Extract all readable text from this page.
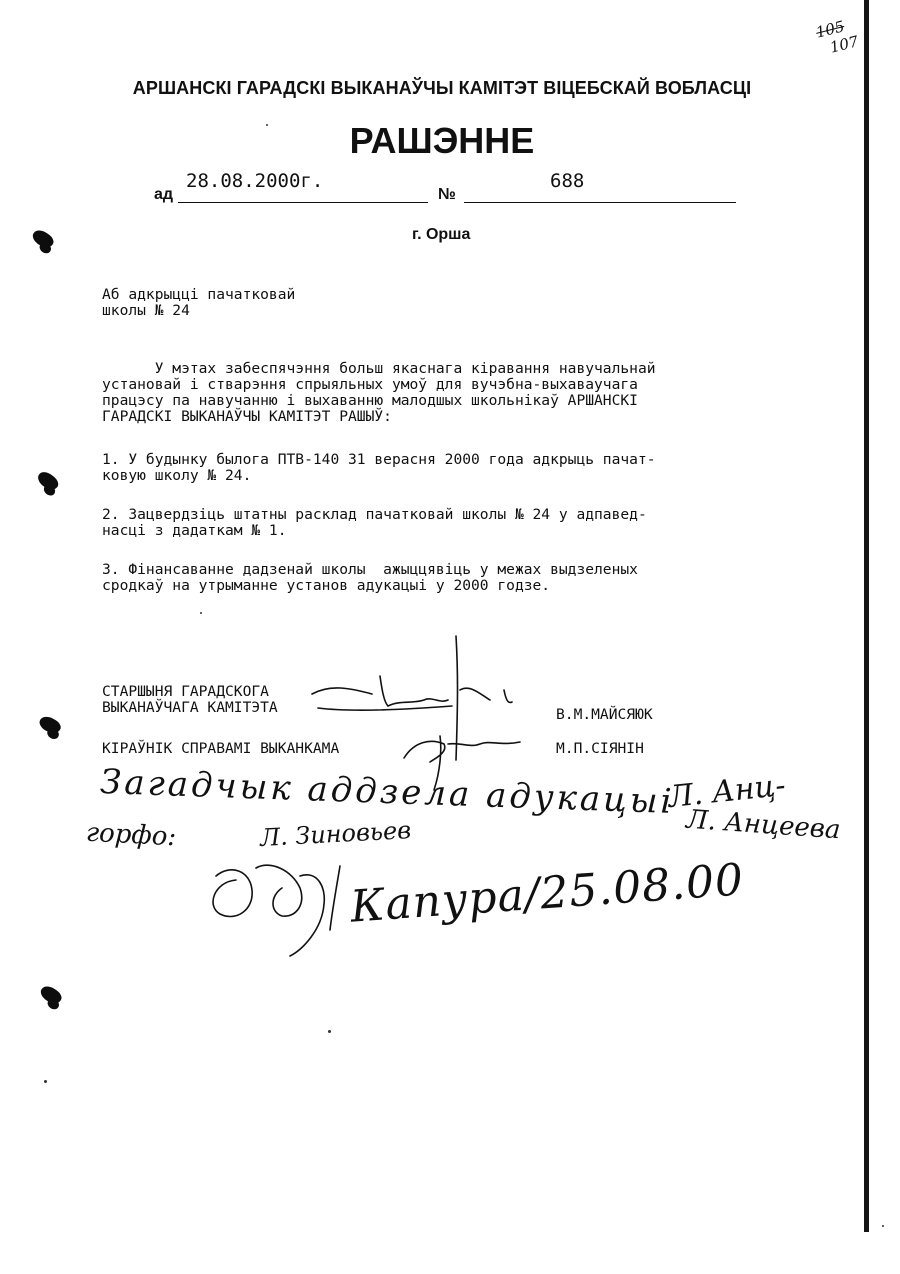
105
107
АРШАНСКІ ГАРАДСКІ ВЫКАНАЎЧЫ КАМІТЭТ ВІЦЕБСКАЙ ВОБЛАСЦІ
РАШЭННЕ
ад
28.08.2000г.
№
688
г. Орша
Аб адкрыцці пачатковай
школы № 24
У мэтах забеспячэння больш якаснага кіравання навучальнай
установай і стварэння спрыяльных умоў для вучэбна-выхаваучага
працэсу па навучанню і выхаванню малодшых школьнікаў АРШАНСКІ
ГАРАДСКІ ВЫКАНАЎЧЫ КАМІТЭТ РАШЫЎ:
1. У будынку былога ПТВ-140 31 верасня 2000 года адкрыць пачат-
ковую школу № 24.
2. Зацвердзіць штатны расклад пачатковай школы № 24 у адпавед-
насці з дадаткам № 1.
3. Фінансаванне дадзенай школы  ажыццявіць у межах выдзеленых
сродкаў на утрыманне установ адукацыі у 2000 годзе.
СТАРШЫНЯ ГАРАДСКОГА
ВЫКАНАЎЧАГА КАМІТЭТА	В.М.МАЙСЯЮК
КІРАЎНІК СПРАВАМІ ВЫКАНКАМА	М.П.СІЯНІН
Загадчык аддзела адукацыі
Л. Анц-
горфо:	Л. Зиновьев	Л. Анцеева
Капура/25.08.00
